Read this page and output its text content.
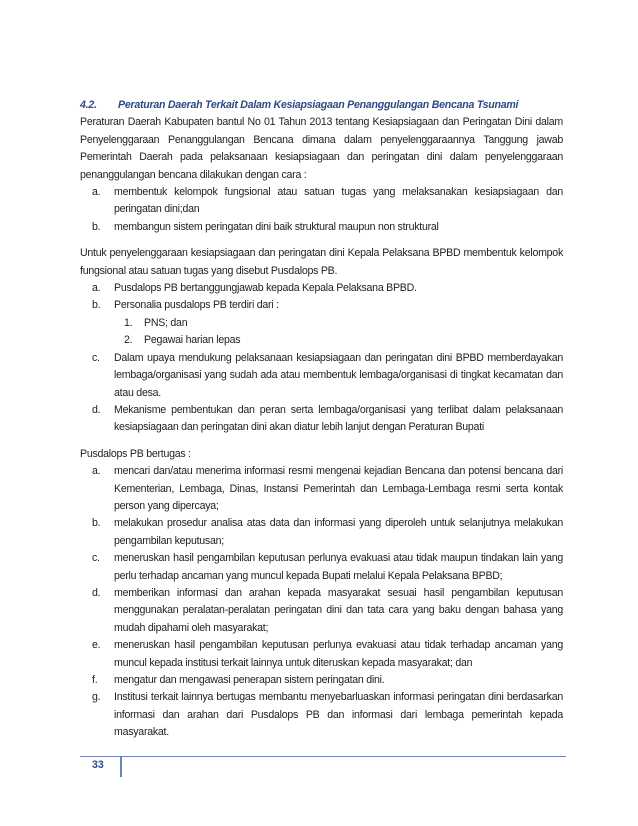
4.2.	Peraturan Daerah Terkait Dalam Kesiapsiagaan Penanggulangan Bencana Tsunami
Peraturan Daerah Kabupaten bantul No 01 Tahun 2013 tentang Kesiapsiagaan dan Peringatan Dini dalam Penyelenggaraan Penanggulangan Bencana dimana dalam penyelenggaraannya Tanggung jawab Pemerintah Daerah pada pelaksanaan kesiapsiagaan dan peringatan dini dalam penyelenggaraan penanggulangan bencana dilakukan dengan cara :
a.	membentuk kelompok fungsional atau satuan tugas yang melaksanakan kesiapsiagaan dan peringatan dini;dan
b.	membangun sistem peringatan dini baik struktural maupun non struktural
Untuk penyelenggaraan kesiapsiagaan dan peringatan dini Kepala Pelaksana BPBD membentuk kelompok fungsional atau satuan tugas yang disebut Pusdalops PB.
a.	Pusdalops PB bertanggungjawab kepada Kepala Pelaksana BPBD.
b.	Personalia pusdalops PB terdiri dari :
1.	PNS; dan
2.	Pegawai harian lepas
c.	Dalam upaya mendukung pelaksanaan kesiapsiagaan dan peringatan dini BPBD memberdayakan lembaga/organisasi yang sudah ada atau membentuk lembaga/organisasi di tingkat kecamatan dan atau desa.
d.	Mekanisme pembentukan dan peran serta lembaga/organisasi yang terlibat dalam pelaksanaan kesiapsiagaan dan peringatan dini akan diatur lebih lanjut dengan Peraturan Bupati
Pusdalops PB bertugas :
a.	mencari dan/atau menerima informasi resmi mengenai kejadian Bencana dan potensi bencana dari Kementerian, Lembaga, Dinas, Instansi Pemerintah dan Lembaga-Lembaga resmi serta kontak person yang dipercaya;
b.	melakukan prosedur analisa atas data dan informasi yang diperoleh untuk selanjutnya melakukan pengambilan keputusan;
c.	meneruskan hasil pengambilan keputusan perlunya evakuasi atau tidak maupun tindakan lain yang perlu terhadap ancaman yang muncul kepada Bupati melalui Kepala Pelaksana BPBD;
d.	memberikan informasi dan arahan kepada masyarakat sesuai hasil pengambilan keputusan menggunakan peralatan-peralatan peringatan dini dan tata cara yang baku dengan bahasa yang mudah dipahami oleh masyarakat;
e.	meneruskan hasil pengambilan keputusan perlunya evakuasi atau tidak terhadap ancaman yang muncul kepada institusi terkait lainnya untuk diteruskan kepada masyarakat; dan
f.	mengatur dan mengawasi penerapan sistem peringatan dini.
g.	Institusi terkait lainnya bertugas membantu menyebarluaskan informasi peringatan dini berdasarkan informasi dan arahan dari Pusdalops PB dan informasi dari lembaga pemerintah kepada masyarakat.
33
